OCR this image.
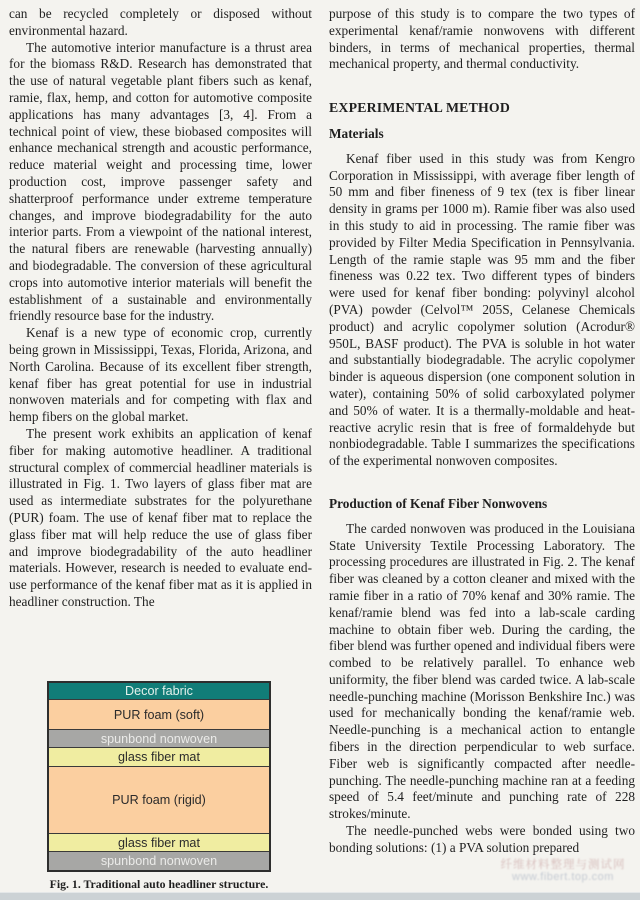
can be recycled completely or disposed without environmental hazard.

The automotive interior manufacture is a thrust area for the biomass R&D. Research has demonstrated that the use of natural vegetable plant fibers such as kenaf, ramie, flax, hemp, and cotton for automotive composite applications has many advantages [3, 4]. From a technical point of view, these biobased composites will enhance mechanical strength and acoustic performance, reduce material weight and processing time, lower production cost, improve passenger safety and shatterproof performance under extreme temperature changes, and improve biodegradability for the auto interior parts. From a viewpoint of the national interest, the natural fibers are renewable (harvesting annually) and biodegradable. The conversion of these agricultural crops into automotive interior materials will benefit the establishment of a sustainable and environmentally friendly resource base for the industry.

Kenaf is a new type of economic crop, currently being grown in Mississippi, Texas, Florida, Arizona, and North Carolina. Because of its excellent fiber strength, kenaf fiber has great potential for use in industrial nonwoven materials and for competing with flax and hemp fibers on the global market.

The present work exhibits an application of kenaf fiber for making automotive headliner. A traditional structural complex of commercial headliner materials is illustrated in Fig. 1. Two layers of glass fiber mat are used as intermediate substrates for the polyurethane (PUR) foam. The use of kenaf fiber mat to replace the glass fiber mat will help reduce the use of glass fiber and improve biodegradability of the auto headliner materials. However, research is needed to evaluate end-use performance of the kenaf fiber mat as it is applied in headliner construction. The

Decor fabric
PUR foam (soft)
spunbond nonwoven
glass fiber mat
PUR foam (rigid)
glass fiber mat
spunbond nonwoven
Fig. 1. Traditional auto headliner structure.

purpose of this study is to compare the two types of experimental kenaf/ramie nonwovens with different binders, in terms of mechanical properties, thermal mechanical property, and thermal conductivity.

EXPERIMENTAL METHOD
Materials

Kenaf fiber used in this study was from Kengro Corporation in Mississippi, with average fiber length of 50 mm and fiber fineness of 9 tex (tex is fiber linear density in grams per 1000 m). Ramie fiber was also used in this study to aid in processing. The ramie fiber was provided by Filter Media Specification in Pennsylvania. Length of the ramie staple was 95 mm and the fiber fineness was 0.22 tex. Two different types of binders were used for kenaf fiber bonding: polyvinyl alcohol (PVA) powder (Celvol™ 205S, Celanese Chemicals product) and acrylic copolymer solution (Acrodur® 950L, BASF product). The PVA is soluble in hot water and substantially biodegradable. The acrylic copolymer binder is aqueous dispersion (one component solution in water), containing 50% of solid carboxylated polymer and 50% of water. It is a thermally-moldable and heat-reactive acrylic resin that is free of formaldehyde but nonbiodegradable. Table I summarizes the specifications of the experimental nonwoven composites.

Production of Kenaf Fiber Nonwovens

The carded nonwoven was produced in the Louisiana State University Textile Processing Laboratory. The processing procedures are illustrated in Fig. 2. The kenaf fiber was cleaned by a cotton cleaner and mixed with the ramie fiber in a ratio of 70% kenaf and 30% ramie. The kenaf/ramie blend was fed into a lab-scale carding machine to obtain fiber web. During the carding, the fiber blend was further opened and individual fibers were combed to be relatively parallel. To enhance web uniformity, the fiber blend was carded twice. A lab-scale needle-punching machine (Morisson Benkshire Inc.) was used for mechanically bonding the kenaf/ramie web. Needle-punching is a mechanical action to entangle fibers in the direction perpendicular to web surface. Fiber web is significantly compacted after needle-punching. The needle-punching machine ran at a feeding speed of 5.4 feet/minute and punching rate of 228 strokes/minute.

The needle-punched webs were bonded using two bonding solutions: (1) a PVA solution prepared

纤维材料整理与测试网
www.fibert.top.com
